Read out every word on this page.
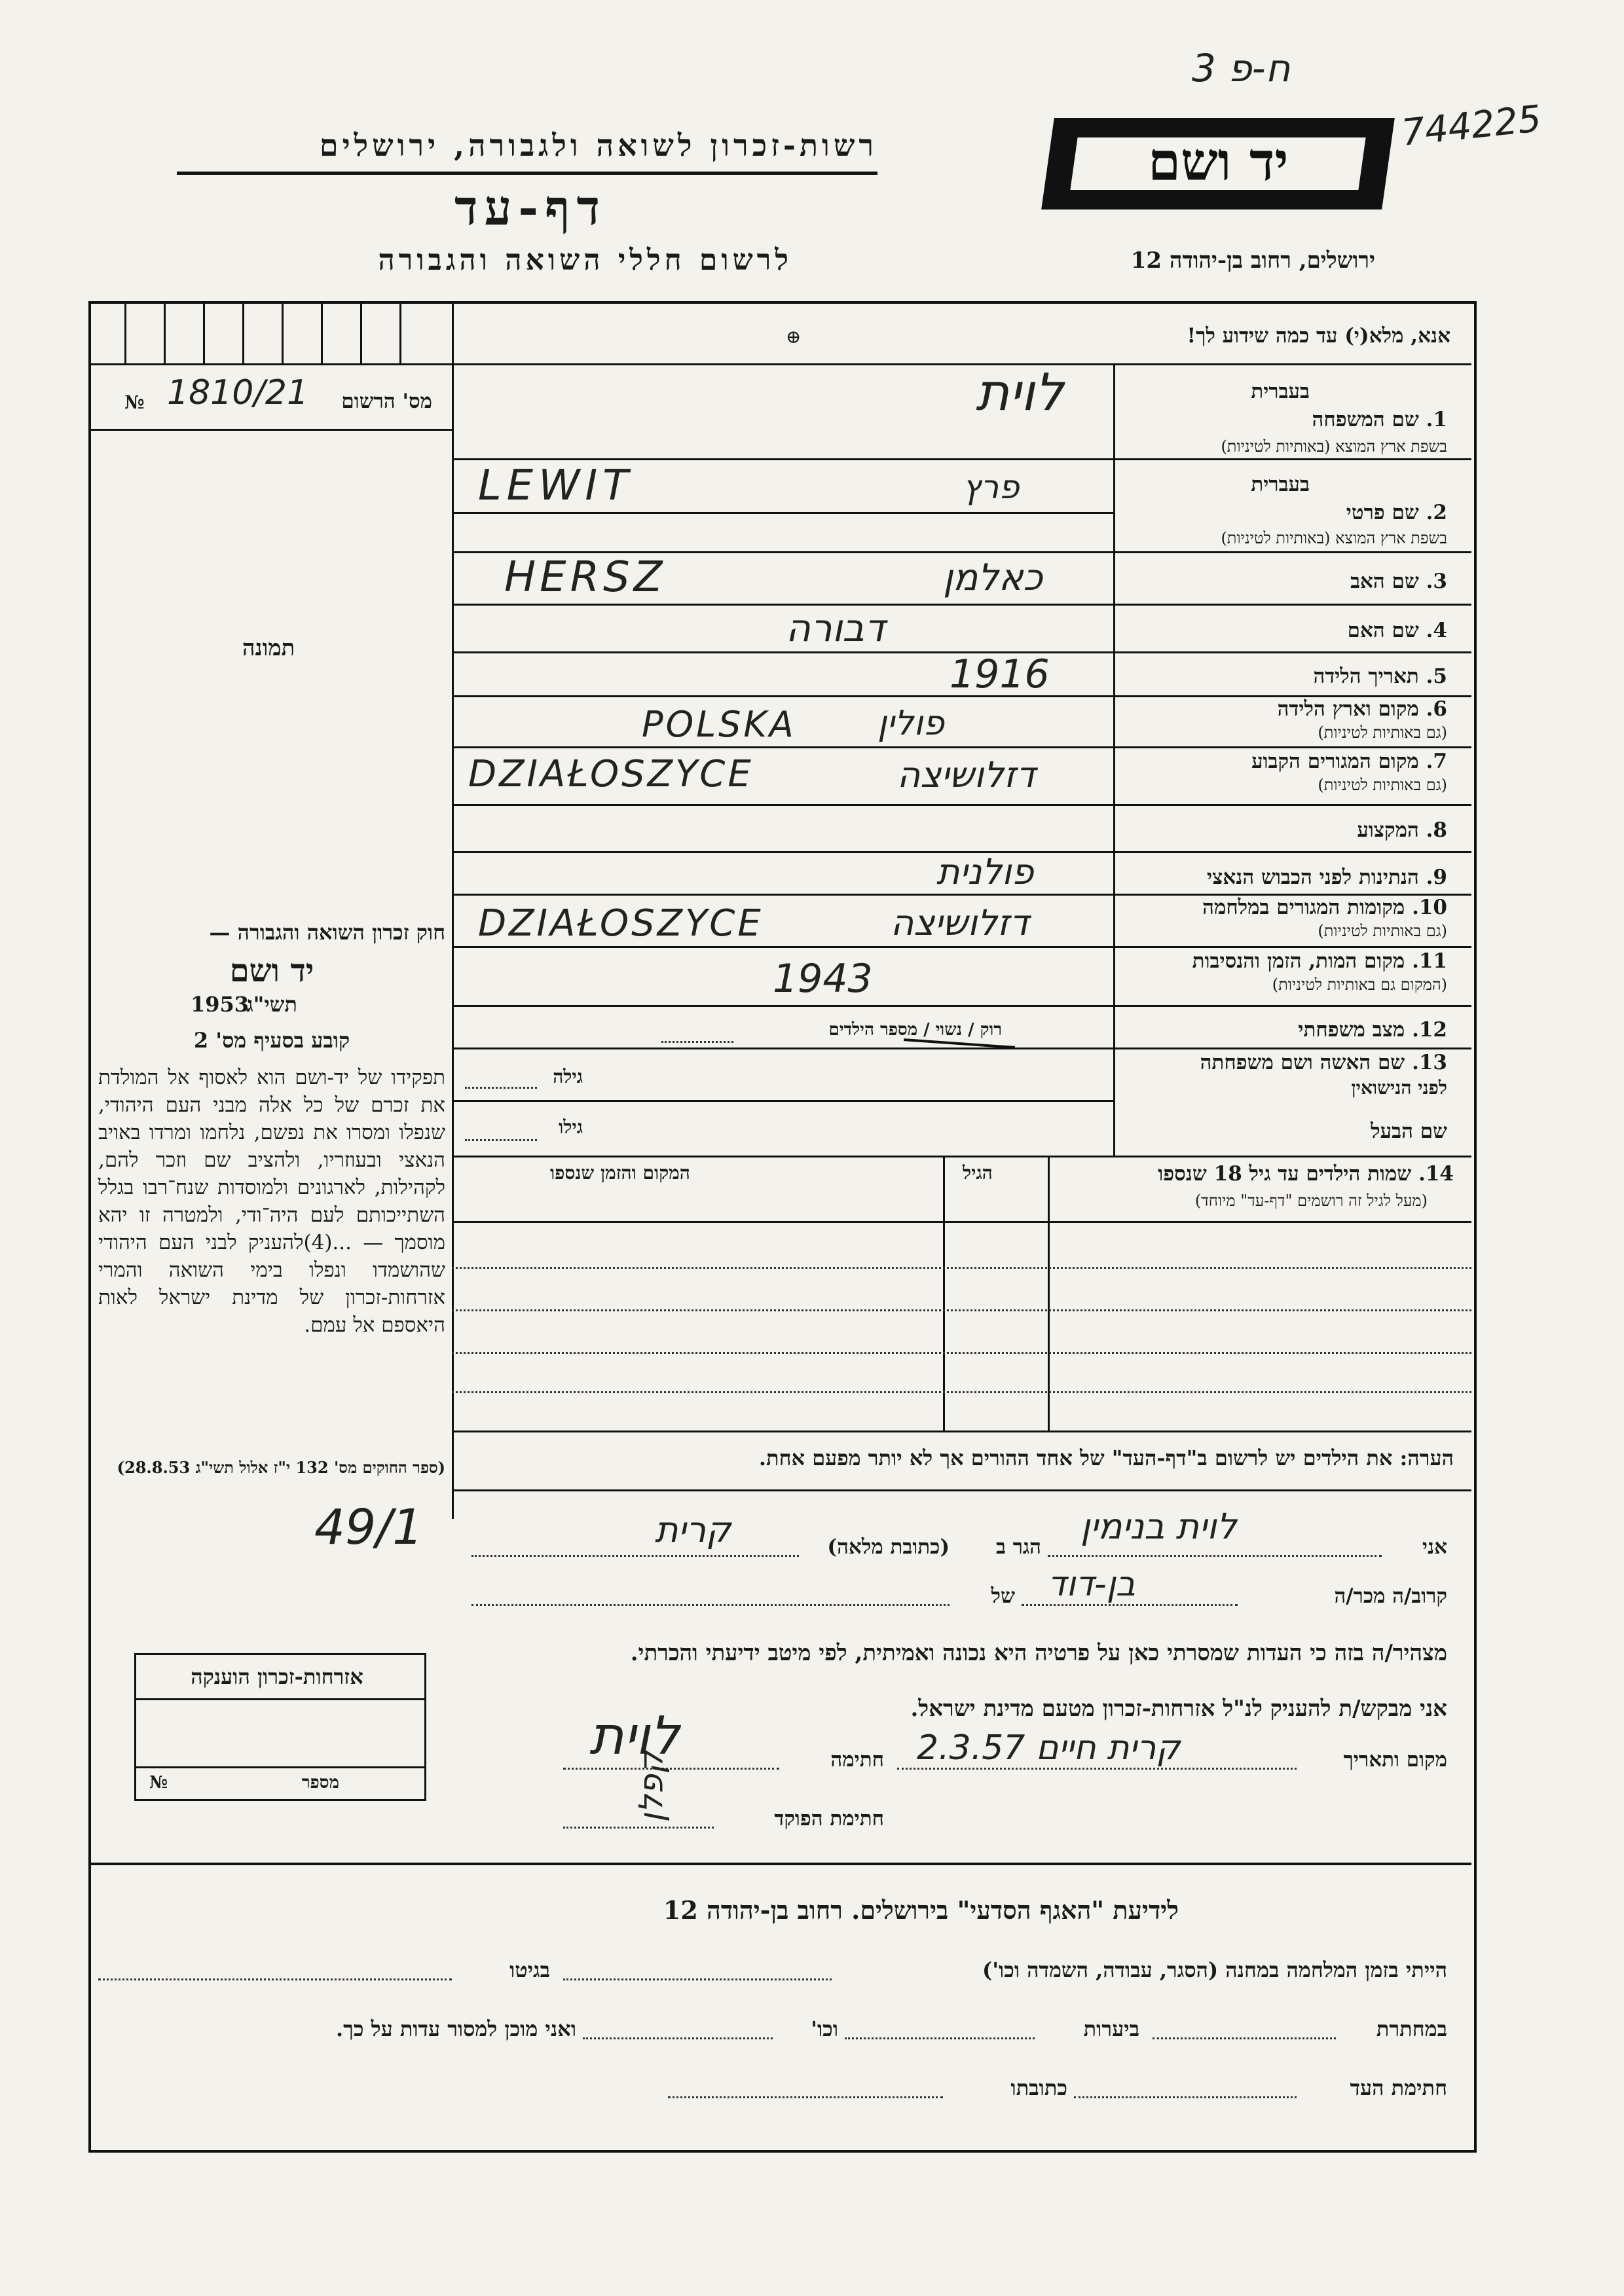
3 ח-פ
744225
יד ושם
רשות-זכרון לשואה ולגבורה, ירושלים
דף-עד
לרשום חללי השואה והגבורה	ירושלים, רחוב בן-יהודה 12
מס' הרשום
№ 1810/21
תמונה
אנא, מלא(י) עד כמה שידוע לך!
⊕
בעברית
1. שם המשפחה
בשפת ארץ המוצא (באותיות לטיניות)
לוית
בעברית
2. שם פרטי
בשפת ארץ המוצא (באותיות לטיניות)
LEWIT	פרץ
3. שם האב
HERSZ	כאלמן
4. שם האם
דבורה
5. תאריך הלידה
1916
6. מקום וארץ הלידה
(גם באותיות לטיניות)
POLSKA פולין
7. מקום המגורים הקבוע
(גם באותיות לטיניות)
DZIAŁOSZYCE	דזלושיצה
8. המקצוע
9. הנתינות לפני הכבוש הנאצי
פולנית
10. מקומות המגורים במלחמה
(גם באותיות לטיניות)
DZIAŁOSZYCE	דזלושיצה
11. מקום המות, הזמן והנסיבות
(המקום גם באותיות לטיניות)
1943
12. מצב משפחתי
רוק / נשוי / מספר הילדים
13. שם האשה ושם משפחתה
לפני הנישואין
גילה
שם הבעל
גילו
14. שמות הילדים עד גיל 18 שנספו
(מעל לגיל זה רושמים "דף-עד" מיוחד)
הגיל
המקום והזמן שנספו
הערה: את הילדים יש לרשום ב"דף-העד" של אחד ההורים אך לא יותר מפעם אחת.
חוק זכרון השואה והגבורה —
יד ושם
תשי"ג
1953
קובע בסעיף מס' 2
תפקידו של יד-ושם הוא לאסוף אל המולדת את זכרם של כל אלה מבני העם היהודי, שנפלו ומסרו את נפשם, נלחמו ומרדו באויב הנאצי ובעוזריו, ולהציב שם וזכר להם, לקהילות, לארגונים ולמוסדות שנח־רבו בגלל השתייכותם לעם היה־ודי, ולמטרה זו יהא מוסמך — ...(4)להעניק לבני העם היהודי שהושמדו ונפלו בימי השואה והמרי אזרחות-זכרון של מדינת ישראל לאות היאספם אל עמם.
(ספר החוקים מס' 132 י"ז אלול תשי"ג 28.8.53)
49/1	אני
לוית בנימין
הגר ב
(כתובת מלאה)
קרית
קרוב/ה מכר/ה
בן-דוד
של
מצהיר/ה בזה כי העדות שמסרתי כאן על פרטיה היא נכונה ואמיתית, לפי מיטב ידיעתי והכרתי.
אני מבקש/ת להעניק לנ"ל אזרחות-זכרון מטעם מדינת ישראל.
מקום ותאריך
קרית חיים 2.3.57
חתימה
לוית
חתימת הפוקד
קפלן
אזרחות-זכרון הוענקה
מספר
№
לידיעת "האגף הסדעי" בירושלים. רחוב בן-יהודה 12
הייתי בזמן המלחמה במחנה (הסגר, עבודה, השמדה וכו')
בגיטו
במחתרת
ביערות
וכו'
ואני מוכן למסור עדות על כך.
חתימת העד
כתובתו
